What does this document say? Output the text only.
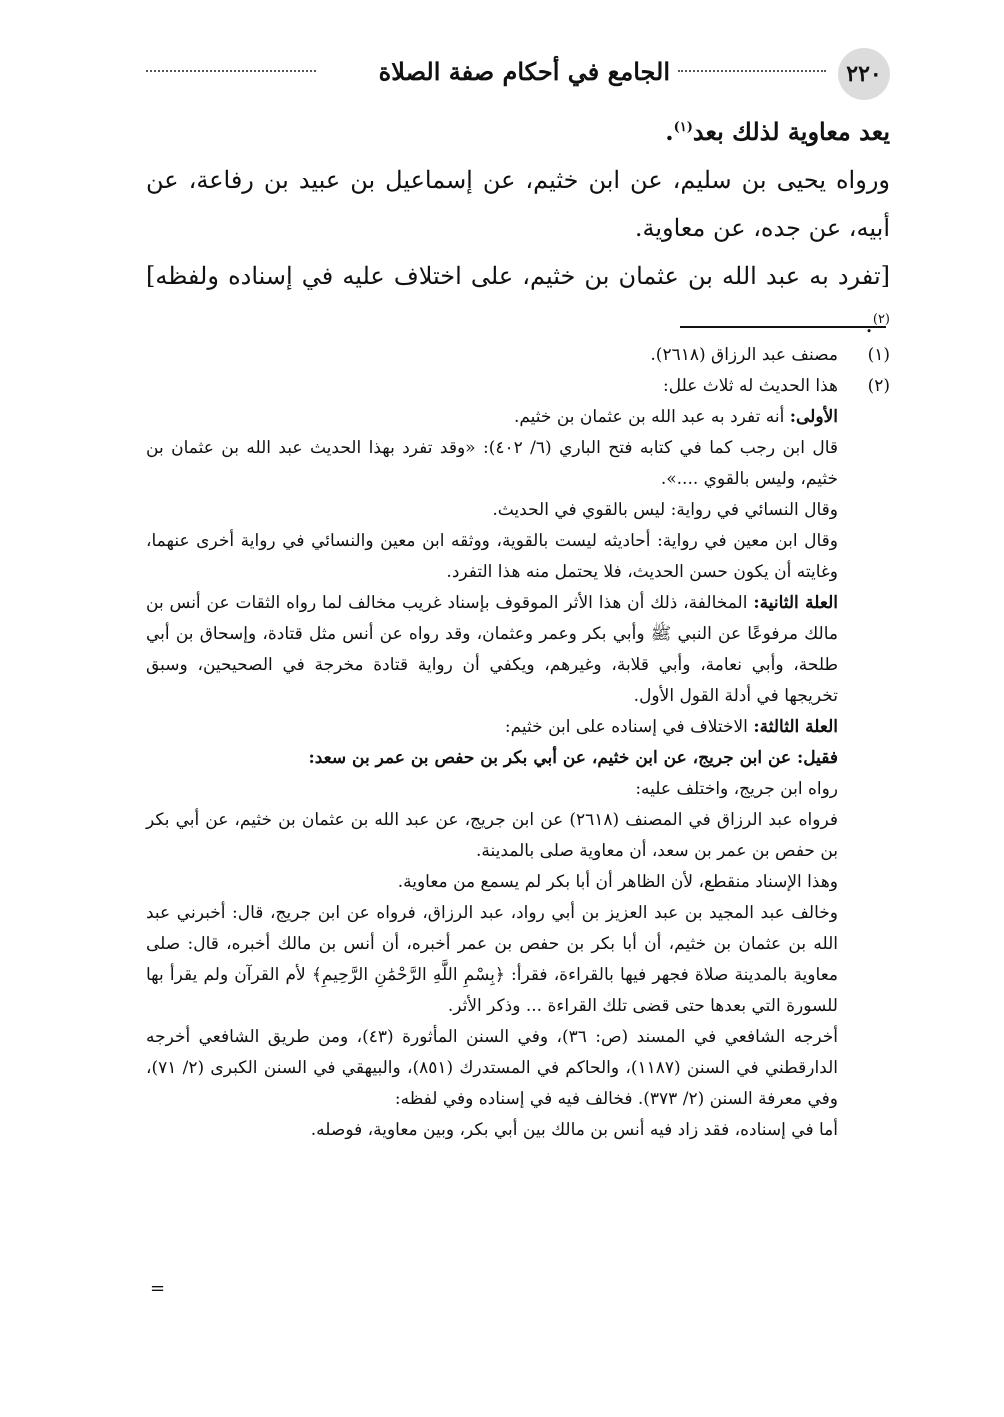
٢٢٠
الجامع في أحكام صفة الصلاة

يعد معاوية لذلك بعد$^{(١)}$.

ورواه يحيى بن سليم، عن ابن خثيم، عن إسماعيل بن عبيد بن رفاعة، عن أبيه، عن جده، عن معاوية.

[تفرد به عبد الله بن عثمان بن خثيم، على اختلاف عليه في إسناده ولفظه]$^{(٢)}$.

(١)

مصنف عبد الرزاق (٢٦١٨).

(٢)

هذا الحديث له ثلاث علل:

الأولى: أنه تفرد به عبد الله بن عثمان بن خثيم.

قال ابن رجب كما في كتابه فتح الباري (٦/ ٤٠٢): «وقد تفرد بهذا الحديث عبد الله بن عثمان بن خثيم، وليس بالقوي ....».

وقال النسائي في رواية: ليس بالقوي في الحديث.

وقال ابن معين في رواية: أحاديثه ليست بالقوية، ووثقه ابن معين والنسائي في رواية أخرى عنهما، وغايته أن يكون حسن الحديث، فلا يحتمل منه هذا التفرد.

العلة الثانية: المخالفة، ذلك أن هذا الأثر الموقوف بإسناد غريب مخالف لما رواه الثقات عن أنس بن مالك مرفوعًا عن النبي ﷺ وأبي بكر وعمر وعثمان، وقد رواه عن أنس مثل قتادة، وإسحاق بن أبي طلحة، وأبي نعامة، وأبي قلابة، وغيرهم، ويكفي أن رواية قتادة مخرجة في الصحيحين، وسبق تخريجها في أدلة القول الأول.

العلة الثالثة: الاختلاف في إسناده على ابن خثيم:

فقيل: عن ابن جريج، عن ابن خثيم، عن أبي بكر بن حفص بن عمر بن سعد:

رواه ابن جريج، واختلف عليه:

فرواه عبد الرزاق في المصنف (٢٦١٨) عن ابن جريج، عن عبد الله بن عثمان بن خثيم، عن أبي بكر بن حفص بن عمر بن سعد، أن معاوية صلى بالمدينة.

وهذا الإسناد منقطع، لأن الظاهر أن أبا بكر لم يسمع من معاوية.

وخالف عبد المجيد بن عبد العزيز بن أبي رواد، عبد الرزاق، فرواه عن ابن جريج، قال: أخبرني عبد الله بن عثمان بن خثيم، أن أبا بكر بن حفص بن عمر أخبره، أن أنس بن مالك أخبره، قال: صلى معاوية بالمدينة صلاة فجهر فيها بالقراءة، فقرأ: ﴿بِسْمِ اللَّهِ الرَّحْمَٰنِ الرَّحِيمِ﴾ لأم القرآن ولم يقرأ بها للسورة التي بعدها حتى قضى تلك القراءة ... وذكر الأثر.

أخرجه الشافعي في المسند (ص: ٣٦)، وفي السنن المأثورة (٤٣)، ومن طريق الشافعي أخرجه الدارقطني في السنن (١١٨٧)، والحاكم في المستدرك (٨٥١)، والبيهقي في السنن الكبرى (٢/ ٧١)، وفي معرفة السنن (٢/ ٣٧٣). فخالف فيه في إسناده وفي لفظه:

أما في إسناده، فقد زاد فيه أنس بن مالك بين أبي بكر، وبين معاوية، فوصله.

=
